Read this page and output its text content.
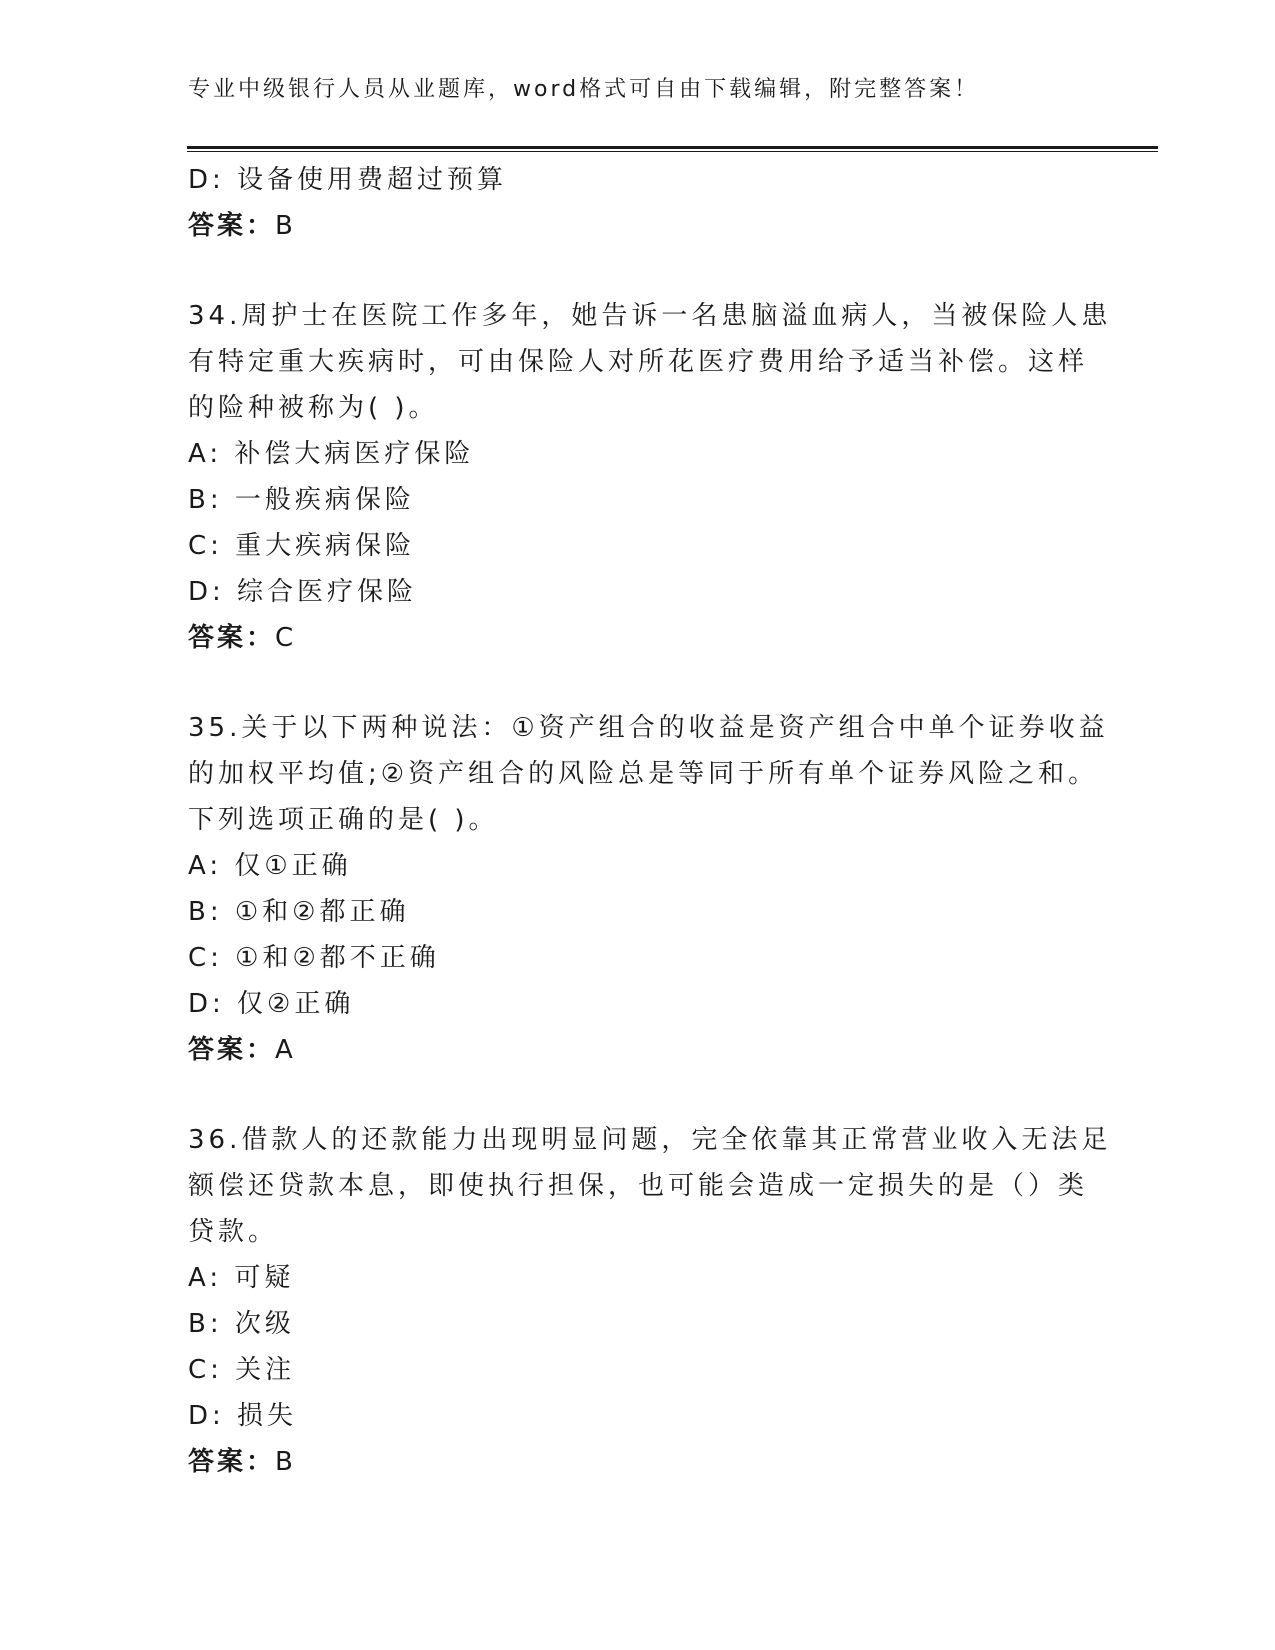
专业中级银行人员从业题库，word格式可自由下载编辑，附完整答案！
D: 设备使用费超过预算
答案：B
34.周护士在医院工作多年，她告诉一名患脑溢血病人，当被保险人患
有特定重大疾病时，可由保险人对所花医疗费用给予适当补偿。这样
的险种被称为( )。
A: 补偿大病医疗保险
B: 一般疾病保险
C: 重大疾病保险
D: 综合医疗保险
答案：C
35.关于以下两种说法：①资产组合的收益是资产组合中单个证券收益
的加权平均值;②资产组合的风险总是等同于所有单个证券风险之和。
下列选项正确的是( )。
A: 仅①正确
B: ①和②都正确
C: ①和②都不正确
D: 仅②正确
答案：A
36.借款人的还款能力出现明显问题，完全依靠其正常营业收入无法足
额偿还贷款本息，即使执行担保，也可能会造成一定损失的是（）类
贷款。
A: 可疑
B: 次级
C: 关注
D: 损失
答案：B
